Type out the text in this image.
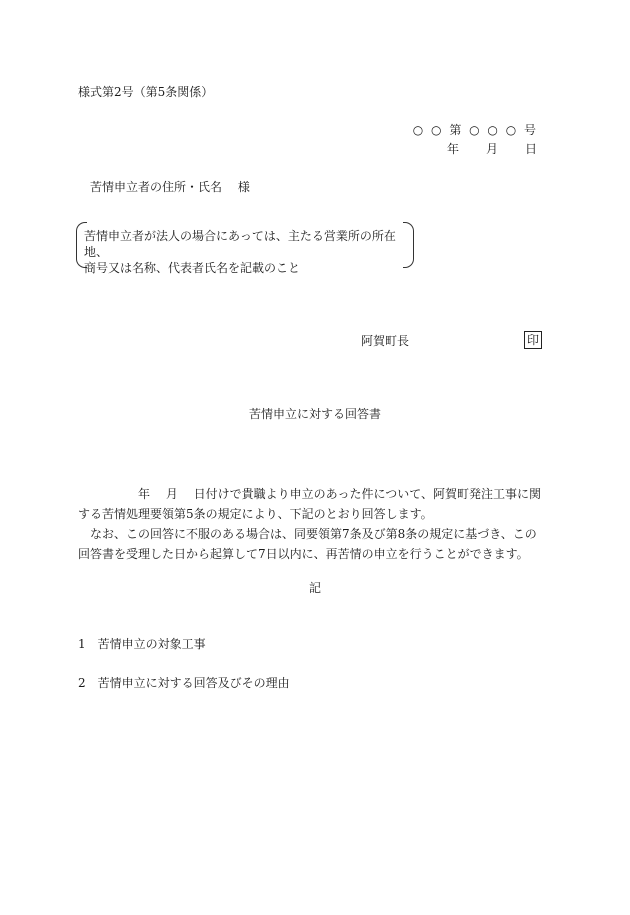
様式第2号（第5条関係）
○ ○ 第 ○ ○ ○ 号
年　　月　　日
苦情申立者の住所・氏名　 様
苦情申立者が法人の場合にあっては、主たる営業所の所在地、
商号又は名称、代表者氏名を記載のこと
阿賀町長	印
苦情申立に対する回答書

　　　　　年　 月　 日付けで貴職より申立のあった件について、阿賀町発注工事に関する苦情処理要領第5条の規定により、下記のとおり回答します。

　なお、この回答に不服のある場合は、同要領第7条及び第8条の規定に基づき、この回答書を受理した日から起算して7日以内に、再苦情の申立を行うことができます。

記
1　 苦情申立の対象工事
2　 苦情申立に対する回答及びその理由
